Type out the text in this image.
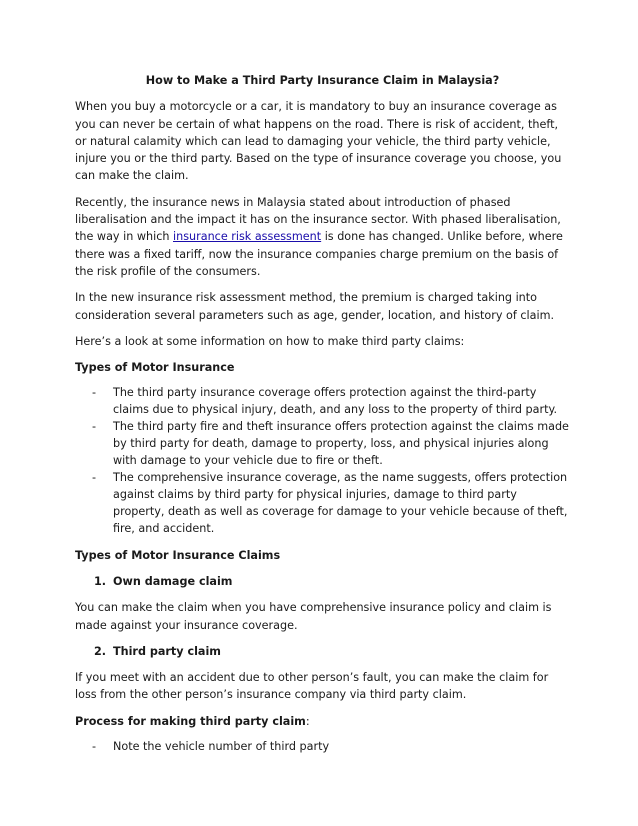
How to Make a Third Party Insurance Claim in Malaysia?

When you buy a motorcycle or a car, it is mandatory to buy an insurance coverage as you can never be certain of what happens on the road. There is risk of accident, theft, or natural calamity which can lead to damaging your vehicle, the third party vehicle, injure you or the third party. Based on the type of insurance coverage you choose, you can make the claim.

Recently, the insurance news in Malaysia stated about introduction of phased liberalisation and the impact it has on the insurance sector. With phased liberalisation, the way in which insurance risk assessment is done has changed. Unlike before, where there was a fixed tariff, now the insurance companies charge premium on the basis of the risk profile of the consumers.

In the new insurance risk assessment method, the premium is charged taking into consideration several parameters such as age, gender, location, and history of claim.

Here’s a look at some information on how to make third party claims:

Types of Motor Insurance
- The third party insurance coverage offers protection against the third-party claims due to physical injury, death, and any loss to the property of third party.
- The third party fire and theft insurance offers protection against the claims made by third party for death, damage to property, loss, and physical injuries along with damage to your vehicle due to fire or theft.
- The comprehensive insurance coverage, as the name suggests, offers protection against claims by third party for physical injuries, damage to third party property, death as well as coverage for damage to your vehicle because of theft, fire, and accident.
Types of Motor Insurance Claims
1. Own damage claim

You can make the claim when you have comprehensive insurance policy and claim is made against your insurance coverage.

2. Third party claim

If you meet with an accident due to other person’s fault, you can make the claim for loss from the other person’s insurance company via third party claim.

Process for making third party claim:
- Note the vehicle number of third party
